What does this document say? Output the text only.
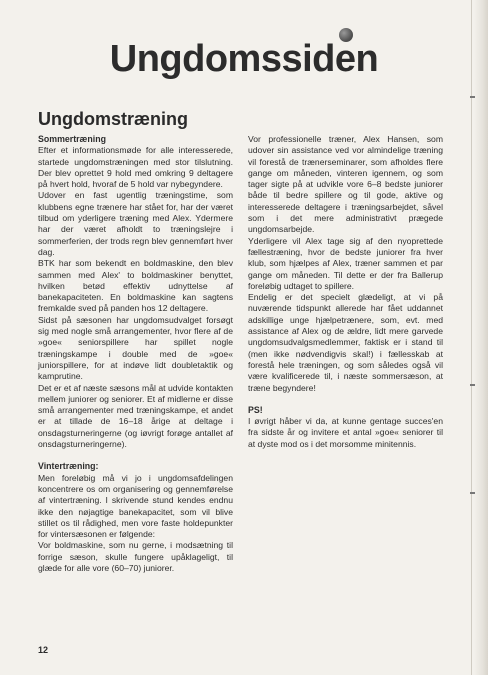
Ungdomssiden
Ungdomstræning
Sommertræning

Efter et informationsmøde for alle interesserede, startede ungdomstræningen med stor tilslutning. Der blev oprettet 9 hold med omkring 9 deltagere på hvert hold, hvoraf de 5 hold var nybegyndere.

Udover en fast ugentlig træningstime, som klubbens egne trænere har stået for, har der været tilbud om yderligere træning med Alex. Ydermere har der været afholdt to træningslejre i sommerferien, der trods regn blev gennemført hver dag.

BTK har som bekendt en boldmaskine, den blev sammen med Alex' to boldmaskiner benyttet, hvilken betød effektiv udnyttelse af banekapaciteten. En boldmaskine kan sagtens fremkalde sved på panden hos 12 deltagere.

Sidst på sæsonen har ungdomsudvalget forsøgt sig med nogle små arrangementer, hvor flere af de »goe« seniorspillere har spillet nogle træningskampe i double med de »goe« juniorspillere, for at indøve lidt doubletaktik og kamprutine.

Det er et af næste sæsons mål at udvide kontakten mellem juniorer og seniorer. Et af midlerne er disse små arrangementer med træningskampe, et andet er at tillade de 16–18 årige at deltage i onsdagsturneringerne (og iøvrigt forøge antallet af onsdagsturneringerne).

Vintertræning:

Men foreløbig må vi jo i ungdomsafdelingen koncentrere os om organisering og gennemførelse af vintertræning. I skrivende stund kendes endnu ikke den nøjagtige banekapacitet, som vil blive stillet os til rådighed, men vore faste holdepunkter for vintersæsonen er følgende:

Vor boldmaskine, som nu gerne, i modsætning til forrige sæson, skulle fungere upåklageligt, til glæde for alle vore (60–70) juniorer.

Vor professionelle træner, Alex Hansen, som udover sin assistance ved vor almindelige træning vil forestå de trænerseminarer, som afholdes flere gange om måneden, vinteren igennem, og som tager sigte på at udvikle vore 6–8 bedste juniorer både til bedre spillere og til gode, aktive og interesserede deltagere i træningsarbejdet, såvel som i det mere administrativt prægede ungdomsarbejde.

Yderligere vil Alex tage sig af den nyoprettede fællestræning, hvor de bedste juniorer fra hver klub, som hjælpes af Alex, træner sammen et par gange om måneden. Til dette er der fra Ballerup foreløbig udtaget to spillere.

Endelig er det specielt glædeligt, at vi på nuværende tidspunkt allerede har fået uddannet adskillige unge hjælpetrænere, som, evt. med assistance af Alex og de ældre, lidt mere garvede ungdomsudvalgsmedlemmer, faktisk er i stand til (men ikke nødvendigvis skal!) i fællesskab at forestå hele træningen, og som således også vil være kvalificerede til, i næste sommersæson, at træne begyndere!

PS!

I øvrigt håber vi da, at kunne gentage succes'en fra sidste år og invitere et antal »goe« seniorer til at dyste mod os i det morsomme minitennis.

12
